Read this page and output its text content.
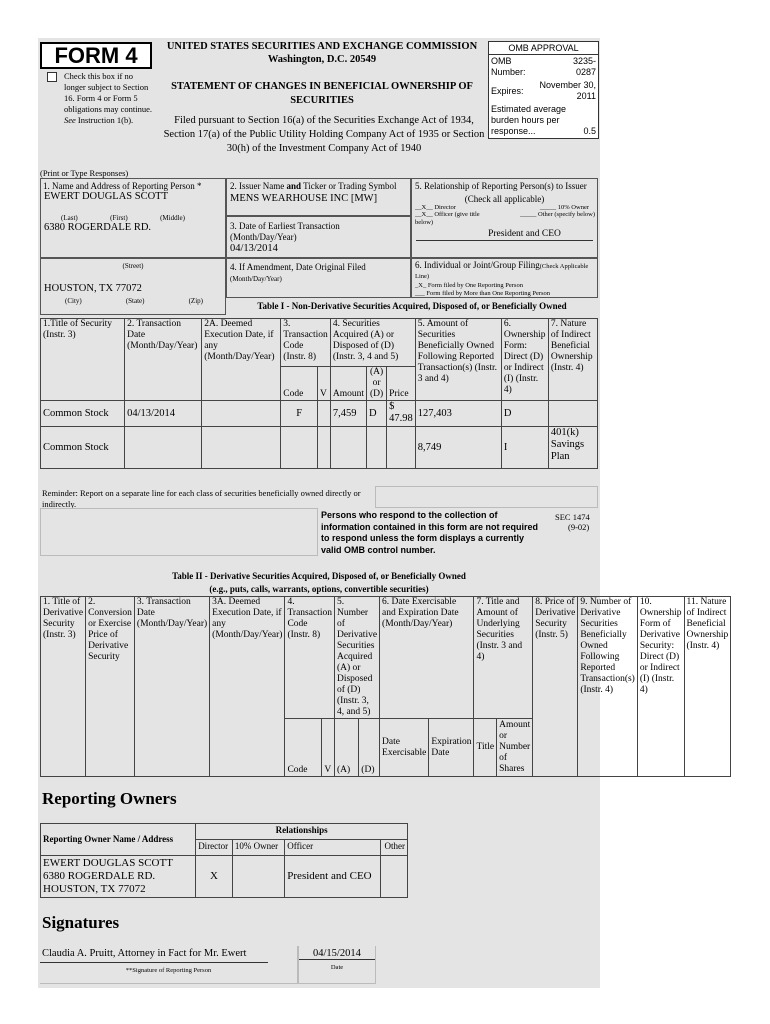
FORM 4
Check this box if no longer subject to Section 16. Form 4 or Form 5 obligations may continue. See Instruction 1(b).
UNITED STATES SECURITIES AND EXCHANGE COMMISSION
Washington, D.C. 20549
STATEMENT OF CHANGES IN BENEFICIAL OWNERSHIP OF SECURITIES
Filed pursuant to Section 16(a) of the Securities Exchange Act of 1934, Section 17(a) of the Public Utility Holding Company Act of 1935 or Section 30(h) of the Investment Company Act of 1940
OMB APPROVAL
OMB Number:
3235-0287
Expires:
November 30, 2011
Estimated average burden hours per response...	0.5
(Print or Type Responses)
1. Name and Address of Reporting Person *
EWERT DOUGLAS SCOTT
(Last)	(First)	(Middle)
6380 ROGERDALE RD.
2. Issuer Name and Ticker or Trading Symbol
MENS WEARHOUSE INC [MW]
3. Date of Earliest Transaction (Month/Day/Year)
04/13/2014
5. Relationship of Reporting Person(s) to Issuer
(Check all applicable)
__X__ Director	_____ 10% Owner
__X__ Officer (give title below)
_____ Other (specify below)
President and CEO
(Street)
HOUSTON, TX 77072
(City)	(State)	(Zip)
4. If Amendment, Date Original Filed (Month/Day/Year)
6. Individual or Joint/Group Filing(Check Applicable Line)
_X_ Form filed by One Reporting Person
___ Form filed by More than One Reporting Person
Table I - Non-Derivative Securities Acquired, Disposed of, or Beneficially Owned
1.Title of Security (Instr. 3)	2. Transaction Date (Month/Day/Year)	2A. Deemed Execution Date, if any (Month/Day/Year)	3. Transaction Code (Instr. 8)		4. Securities Acquired (A) or Disposed of (D) (Instr. 3, 4 and 5)			5. Amount of Securities Beneficially Owned Following Reported Transaction(s) (Instr. 3 and 4)	6. Ownership Form: Direct (D) or Indirect (I) (Instr. 4)	7. Nature of Indirect Beneficial Ownership (Instr. 4)
			Code	V	Amount	(A) or (D)	Price			
Common Stock	04/13/2014		F		7,459	D	$ 47.98	127,403	D	
Common Stock								8,749	I	401(k) Savings Plan
Reminder: Report on a separate line for each class of securities beneficially owned directly or indirectly.
Persons who respond to the collection of information contained in this form are not required to respond unless the form displays a currently valid OMB control number.
SEC 1474
(9-02)
Table II - Derivative Securities Acquired, Disposed of, or Beneficially Owned
(e.g., puts, calls, warrants, options, convertible securities)
1. Title of Derivative Security (Instr. 3)	2. Conversion or Exercise Price of Derivative Security	3. Transaction Date (Month/Day/Year)	3A. Deemed Execution Date, if any (Month/Day/Year)	4. Transaction Code (Instr. 8)		5. Number of Derivative Securities Acquired (A) or Disposed of (D) (Instr. 3, 4, and 5)		6. Date Exercisable and Expiration Date (Month/Day/Year)		7. Title and Amount of Underlying Securities (Instr. 3 and 4)		8. Price of Derivative Security (Instr. 5)	9. Number of Derivative Securities Beneficially Owned Following Reported Transaction(s) (Instr. 4)	10. Ownership Form of Derivative Security: Direct (D) or Indirect (I) (Instr. 4)	11. Nature of Indirect Beneficial Ownership (Instr. 4)
				Code	V	(A)	(D)	Date Exercisable	Expiration Date	Title	Amount or Number of Shares				
Reporting Owners
Reporting Owner Name / Address	Relationships			
	Director	10% Owner	Officer	Other

EWERT DOUGLAS SCOTT
6380 ROGERDALE RD.
HOUSTON, TX 77072	X		President and CEO	
Signatures
Claudia A. Pruitt, Attorney in Fact for Mr. Ewert
**Signature of Reporting Person
04/15/2014
Date
